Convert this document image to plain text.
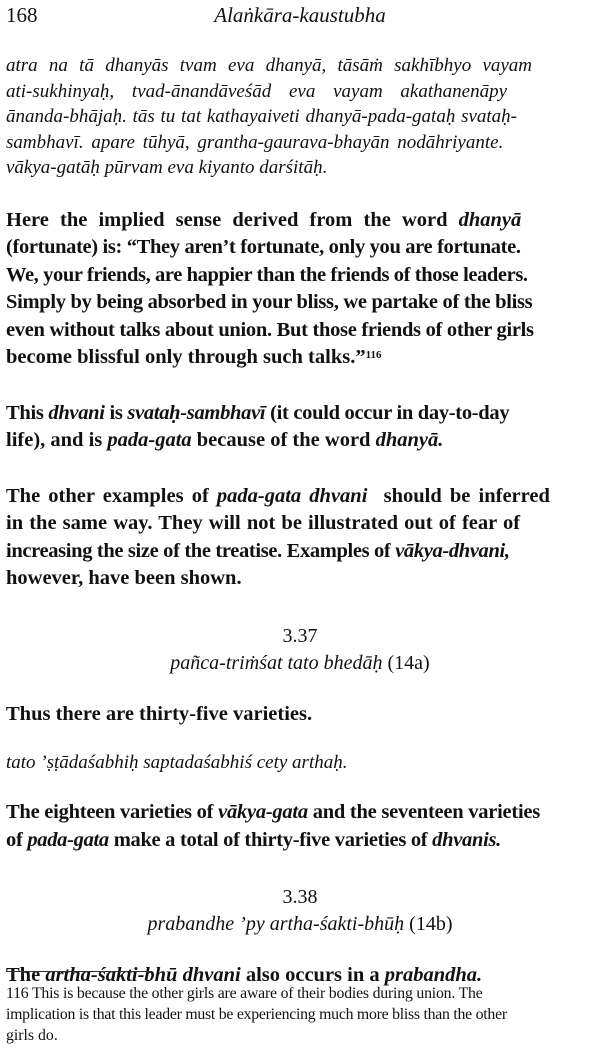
168	Alaṅkāra-kaustubha
atra na tā dhanyās tvam eva dhanyā, tāsāṁ sakhībhyo vayam
ati-sukhinyaḥ, tvad-ānandāveśād eva vayam akathanenāpy
ānanda-bhājaḥ. tās tu tat kathayaiveti dhanyā-pada-gataḥ svataḥ-
sambhavī. apare tūhyā, grantha-gaurava-bhayān nodāhriyante.
vākya-gatāḥ pūrvam eva kiyanto darśitāḥ.
Here the implied sense derived from the word dhanyā
(fortunate) is: “They aren’t fortunate, only you are fortunate.
We, your friends, are happier than the friends of those leaders.
Simply by being absorbed in your bliss, we partake of the bliss
even without talks about union. But those friends of other girls
become blissful only through such talks.”$^{116}$
This dhvani is svataḥ-sambhavī (it could occur in day-to-day
life), and is pada-gata because of the word dhanyā.
The other examples of pada-gata dhvani  should be inferred
in the same way. They will not be illustrated out of fear of
increasing the size of the treatise. Examples of vākya-dhvani,
however, have been shown.
3.37
pañca-triṁśat tato bhedāḥ (14a)
Thus there are thirty-five varieties.
tato ’ṣṭādaśabhiḥ saptadaśabhiś cety arthaḥ.
The eighteen varieties of vākya-gata and the seventeen varieties
of pada-gata make a total of thirty-five varieties of dhvanis.
3.38
prabandhe ’py artha-śakti-bhūḥ (14b)
The artha-śakti-bhū dhvani also occurs in a prabandha.
116 This is because the other girls are aware of their bodies during union. The
implication is that this leader must be experiencing much more bliss than the other
girls do.
